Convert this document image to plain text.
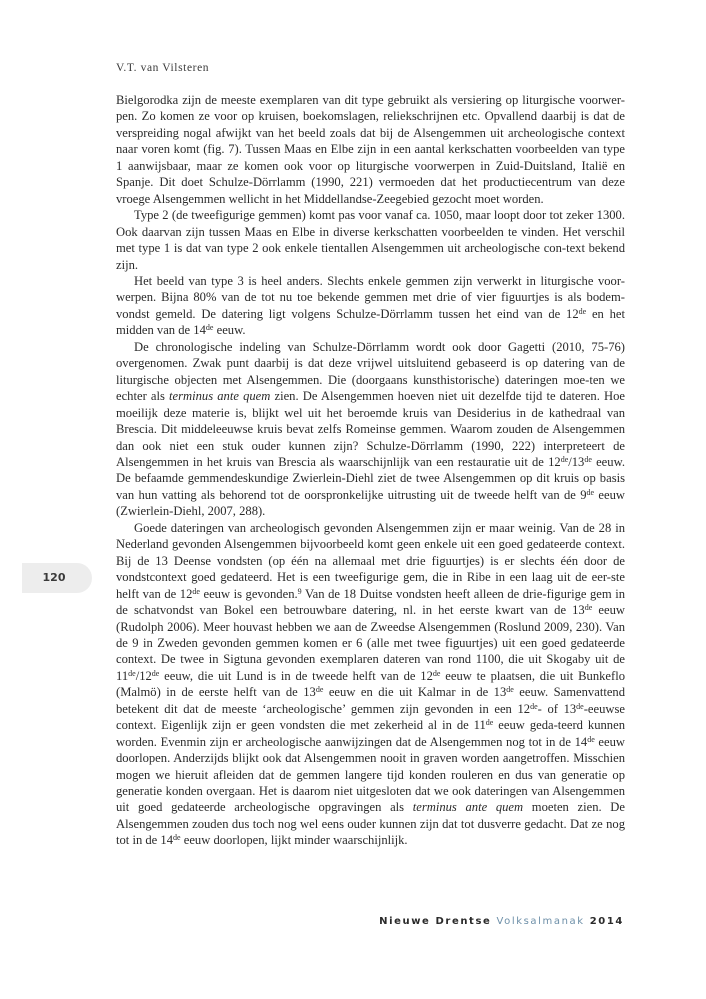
V.T. van Vilsteren

Bielgorodka zijn de meeste exemplaren van dit type gebruikt als versiering op liturgische voorwer-pen. Zo komen ze voor op kruisen, boekomslagen, reliekschrijnen etc. Opvallend daarbij is dat de verspreiding nogal afwijkt van het beeld zoals dat bij de Alsengemmen uit archeologische context naar voren komt (fig. 7). Tussen Maas en Elbe zijn in een aantal kerkschatten voorbeelden van type 1 aanwijsbaar, maar ze komen ook voor op liturgische voorwerpen in Zuid-Duitsland, Italië en Spanje. Dit doet Schulze-Dörrlamm (1990, 221) vermoeden dat het productiecentrum van deze vroege Alsengemmen wellicht in het Middellandse-Zeegebied gezocht moet worden.

Type 2 (de tweefigurige gemmen) komt pas voor vanaf ca. 1050, maar loopt door tot zeker 1300. Ook daarvan zijn tussen Maas en Elbe in diverse kerkschatten voorbeelden te vinden. Het verschil met type 1 is dat van type 2 ook enkele tientallen Alsengemmen uit archeologische con-text bekend zijn.

Het beeld van type 3 is heel anders. Slechts enkele gemmen zijn verwerkt in liturgische voor-werpen. Bijna 80% van de tot nu toe bekende gemmen met drie of vier figuurtjes is als bodem-vondst gemeld. De datering ligt volgens Schulze-Dörrlamm tussen het eind van de 12de en het midden van de 14de eeuw.

De chronologische indeling van Schulze-Dörrlamm wordt ook door Gagetti (2010, 75-76) overgenomen. Zwak punt daarbij is dat deze vrijwel uitsluitend gebaseerd is op datering van de liturgische objecten met Alsengemmen. Die (doorgaans kunsthistorische) dateringen moe-ten we echter als terminus ante quem zien. De Alsengemmen hoeven niet uit dezelfde tijd te dateren. Hoe moeilijk deze materie is, blijkt wel uit het beroemde kruis van Desiderius in de kathedraal van Brescia. Dit middeleeuwse kruis bevat zelfs Romeinse gemmen. Waarom zouden de Alsengemmen dan ook niet een stuk ouder kunnen zijn? Schulze-Dörrlamm (1990, 222) interpreteert de Alsengemmen in het kruis van Brescia als waarschijnlijk van een restauratie uit de 12de/13de eeuw. De befaamde gemmendeskundige Zwierlein-Diehl ziet de twee Alsengemmen op dit kruis op basis van hun vatting als behorend tot de oorspronkelijke uitrusting uit de tweede helft van de 9de eeuw (Zwierlein-Diehl, 2007, 288).

Goede dateringen van archeologisch gevonden Alsengemmen zijn er maar weinig. Van de 28 in Nederland gevonden Alsengemmen bijvoorbeeld komt geen enkele uit een goed gedateerde context. Bij de 13 Deense vondsten (op één na allemaal met drie figuurtjes) is er slechts één door de vondstcontext goed gedateerd. Het is een tweefigurige gem, die in Ribe in een laag uit de eer-ste helft van de 12de eeuw is gevonden.$^9$ Van de 18 Duitse vondsten heeft alleen de drie-figurige gem in de schatvondst van Bokel een betrouwbare datering, nl. in het eerste kwart van de 13de eeuw (Rudolph 2006). Meer houvast hebben we aan de Zweedse Alsengemmen (Roslund 2009, 230). Van de 9 in Zweden gevonden gemmen komen er 6 (alle met twee figuurtjes) uit een goed gedateerde context. De twee in Sigtuna gevonden exemplaren dateren van rond 1100, die uit Skogaby uit de 11de/12de eeuw, die uit Lund is in de tweede helft van de 12de eeuw te plaatsen, die uit Bunkeflo (Malmö) in de eerste helft van de 13de eeuw en die uit Kalmar in de 13de eeuw. Samenvattend betekent dit dat de meeste ‘archeologische’ gemmen zijn gevonden in een 12de- of 13de-eeuwse context. Eigenlijk zijn er geen vondsten die met zekerheid al in de 11de eeuw geda-teerd kunnen worden. Evenmin zijn er archeologische aanwijzingen dat de Alsengemmen nog tot in de 14de eeuw doorlopen. Anderzijds blijkt ook dat Alsengemmen nooit in graven worden aangetroffen. Misschien mogen we hieruit afleiden dat de gemmen langere tijd konden rouleren en dus van generatie op generatie konden overgaan. Het is daarom niet uitgesloten dat we ook dateringen van Alsengemmen uit goed gedateerde archeologische opgravingen als terminus ante quem moeten zien. De Alsengemmen zouden dus toch nog wel eens ouder kunnen zijn dat tot dusverre gedacht. Dat ze nog tot in de 14de eeuw doorlopen, lijkt minder waarschijnlijk.

120
Nieuwe Drentse Volksalmanak 2014
